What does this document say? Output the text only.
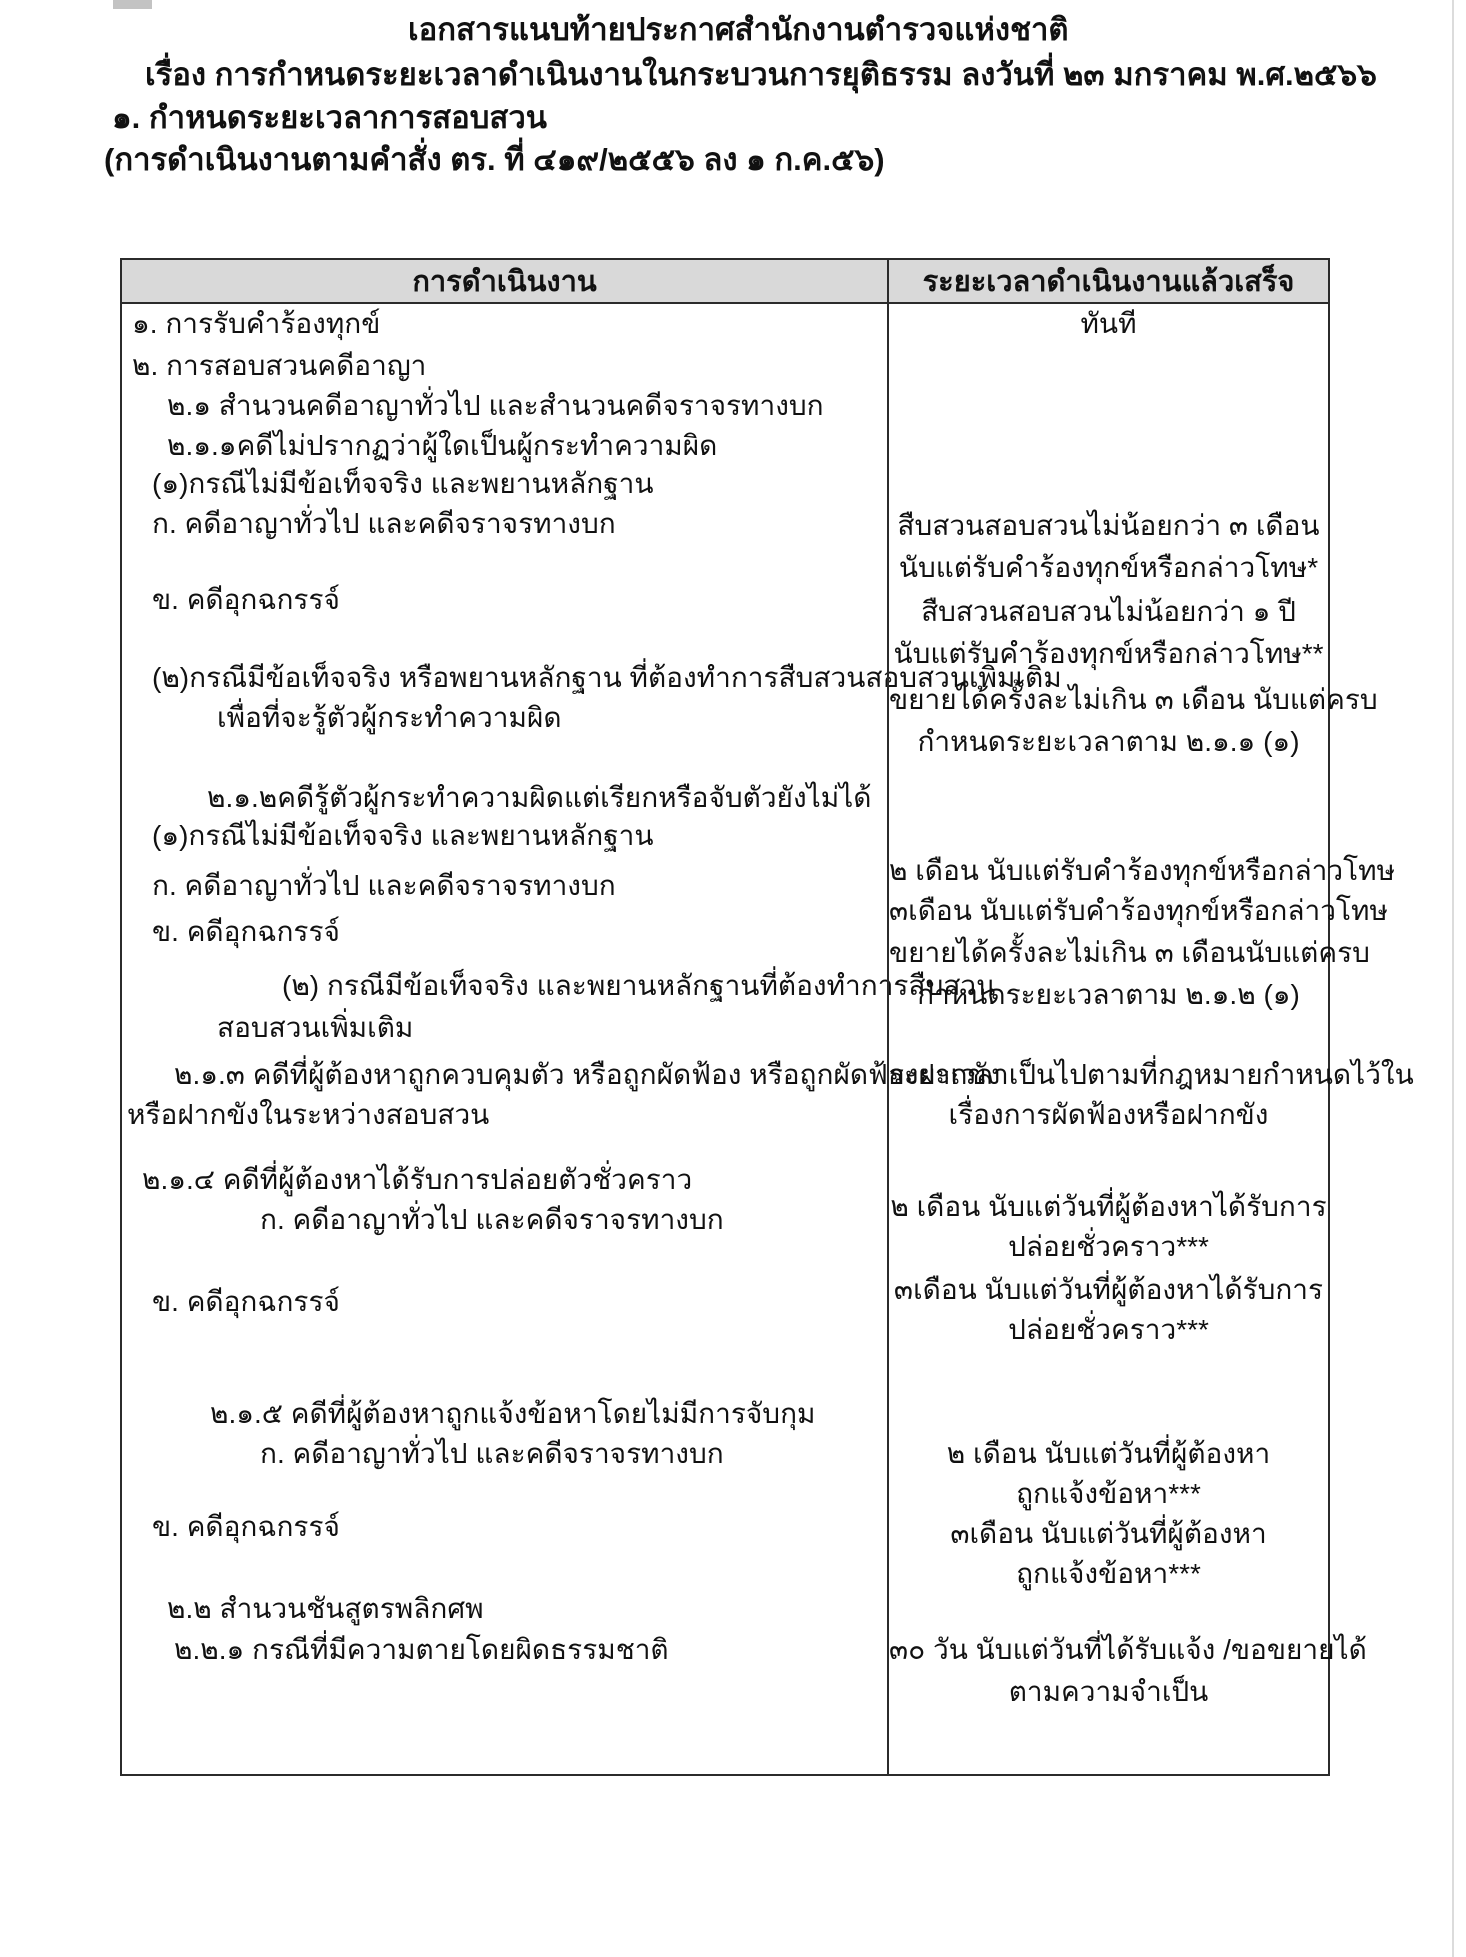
เอกสารแนบท้ายประกาศสำนักงานตำรวจแห่งชาติ
เรื่อง การกำหนดระยะเวลาดำเนินงานในกระบวนการยุติธรรม ลงวันที่ ๒๓ มกราคม พ.ศ.๒๕๖๖
๑. กำหนดระยะเวลาการสอบสวน
(การดำเนินงานตามคำสั่ง ตร. ที่ ๔๑๙/๒๕๕๖ ลง ๑ ก.ค.๕๖)
การดำเนินงาน	ระยะเวลาดำเนินงานแล้วเสร็จ
๑. การรับคำร้องทุกข์
๒. การสอบสวนคดีอาญา
๒.๑ สำนวนคดีอาญาทั่วไป และสำนวนคดีจราจรทางบก
๒.๑.๑คดีไม่ปรากฏว่าผู้ใดเป็นผู้กระทำความผิด
(๑)กรณีไม่มีข้อเท็จจริง และพยานหลักฐาน
ก. คดีอาญาทั่วไป และคดีจราจรทางบก
ข. คดีอุกฉกรรจ์
(๒)กรณีมีข้อเท็จจริง หรือพยานหลักฐาน ที่ต้องทำการสืบสวนสอบสวนเพิ่มเติม
เพื่อที่จะรู้ตัวผู้กระทำความผิด
๒.๑.๒คดีรู้ตัวผู้กระทำความผิดแต่เรียกหรือจับตัวยังไม่ได้
(๑)กรณีไม่มีข้อเท็จจริง และพยานหลักฐาน
ก. คดีอาญาทั่วไป และคดีจราจรทางบก
ข. คดีอุกฉกรรจ์
(๒) กรณีมีข้อเท็จจริง และพยานหลักฐานที่ต้องทำการสืบสวน
สอบสวนเพิ่มเติม
๒.๑.๓ คดีที่ผู้ต้องหาถูกควบคุมตัว หรือถูกผัดฟ้อง หรือถูกผัดฟ้องฝากขัง
หรือฝากขังในระหว่างสอบสวน
๒.๑.๔ คดีที่ผู้ต้องหาได้รับการปล่อยตัวชั่วคราว
ก. คดีอาญาทั่วไป และคดีจราจรทางบก
ข. คดีอุกฉกรรจ์
๒.๑.๕ คดีที่ผู้ต้องหาถูกแจ้งข้อหาโดยไม่มีการจับกุม
ก. คดีอาญาทั่วไป และคดีจราจรทางบก
ข. คดีอุกฉกรรจ์
๒.๒ สำนวนชันสูตรพลิกศพ
๒.๒.๑ กรณีที่มีความตายโดยผิดธรรมชาติ
ทันที
สืบสวนสอบสวนไม่น้อยกว่า ๓ เดือน
นับแต่รับคำร้องทุกข์หรือกล่าวโทษ*
สืบสวนสอบสวนไม่น้อยกว่า ๑ ปี
นับแต่รับคำร้องทุกข์หรือกล่าวโทษ**
ขยายได้ครั้งละไม่เกิน ๓ เดือน นับแต่ครบ
กำหนดระยะเวลาตาม ๒.๑.๑ (๑)
๒ เดือน นับแต่รับคำร้องทุกข์หรือกล่าวโทษ
๓เดือน นับแต่รับคำร้องทุกข์หรือกล่าวโทษ
ขยายได้ครั้งละไม่เกิน ๓ เดือนนับแต่ครบ
กำหนดระยะเวลาตาม ๒.๑.๒ (๑)
ระยะเวลาเป็นไปตามที่กฎหมายกำหนดไว้ใน
เรื่องการผัดฟ้องหรือฝากขัง
๒ เดือน นับแต่วันที่ผู้ต้องหาได้รับการ
ปล่อยชั่วคราว***
๓เดือน นับแต่วันที่ผู้ต้องหาได้รับการ
ปล่อยชั่วคราว***
๒ เดือน นับแต่วันที่ผู้ต้องหา
ถูกแจ้งข้อหา***
๓เดือน นับแต่วันที่ผู้ต้องหา
ถูกแจ้งข้อหา***
๓๐ วัน นับแต่วันที่ได้รับแจ้ง /ขอขยายได้
ตามความจำเป็น
